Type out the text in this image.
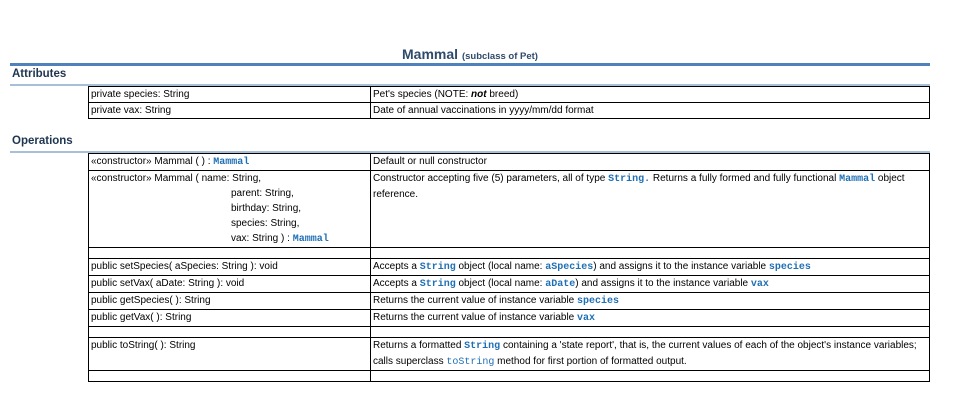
Mammal (subclass of Pet)
Attributes
private species: String	Pet's species (NOTE: not breed)
private vax: String	Date of annual vaccinations in yyyy/mm/dd format
Operations
«constructor» Mammal ( ) : Mammal	Default or null constructor

«constructor» Mammal ( name: String,
parent: String,
birthday: String,
species: String,
vax: String ) : Mammal	Constructor accepting five (5) parameters, all of type String. Returns a fully formed and fully functional Mammal object reference.

public setSpecies( aSpecies: String ): void	Accepts a String object (local name: aSpecies) and assigns it to the instance variable species
public setVax( aDate: String ): void	Accepts a String object (local name: aDate) and assigns it to the instance variable vax
public getSpecies( ): String	Returns the current value of instance variable species
public getVax( ): String	Returns the current value of instance variable vax

public toString( ): String	Returns a formatted String containing a 'state report', that is, the current values of each of the object's instance variables; calls superclass toString method for first portion of formatted output.
